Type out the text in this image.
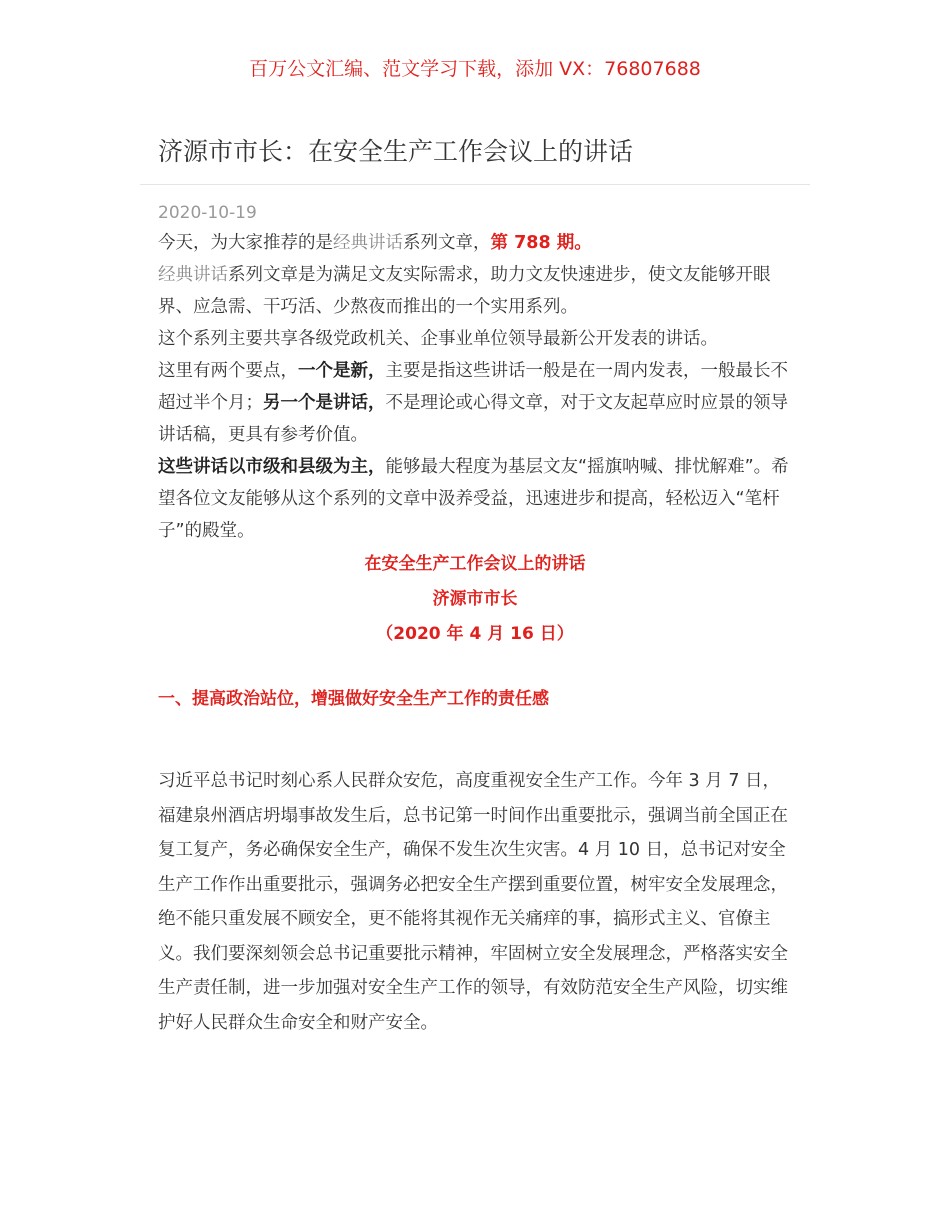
百万公文汇编、范文学习下载，添加 VX：76807688
济源市市长：在安全生产工作会议上的讲话
2020-10-19

今天，为大家推荐的是经典讲话系列文章，第 788 期。

经典讲话系列文章是为满足文友实际需求，助力文友快速进步，使文友能够开眼界、应急需、干巧活、少熬夜而推出的一个实用系列。

这个系列主要共享各级党政机关、企事业单位领导最新公开发表的讲话。

这里有两个要点，一个是新，主要是指这些讲话一般是在一周内发表，一般最长不超过半个月；另一个是讲话，不是理论或心得文章，对于文友起草应时应景的领导讲话稿，更具有参考价值。

这些讲话以市级和县级为主，能够最大程度为基层文友“摇旗呐喊、排忧解难”。希望各位文友能够从这个系列的文章中汲养受益，迅速进步和提高，轻松迈入“笔杆子”的殿堂。

在安全生产工作会议上的讲话
济源市市长
（2020 年 4 月 16 日）
一、提高政治站位，增强做好安全生产工作的责任感

习近平总书记时刻心系人民群众安危，高度重视安全生产工作。今年 3 月 7 日，福建泉州酒店坍塌事故发生后，总书记第一时间作出重要批示，强调当前全国正在复工复产，务必确保安全生产，确保不发生次生灾害。4 月 10 日，总书记对安全生产工作作出重要批示，强调务必把安全生产摆到重要位置，树牢安全发展理念，绝不能只重发展不顾安全，更不能将其视作无关痛痒的事，搞形式主义、官僚主义。我们要深刻领会总书记重要批示精神，牢固树立安全发展理念，严格落实安全生产责任制，进一步加强对安全生产工作的领导，有效防范安全生产风险，切实维护好人民群众生命安全和财产安全。
